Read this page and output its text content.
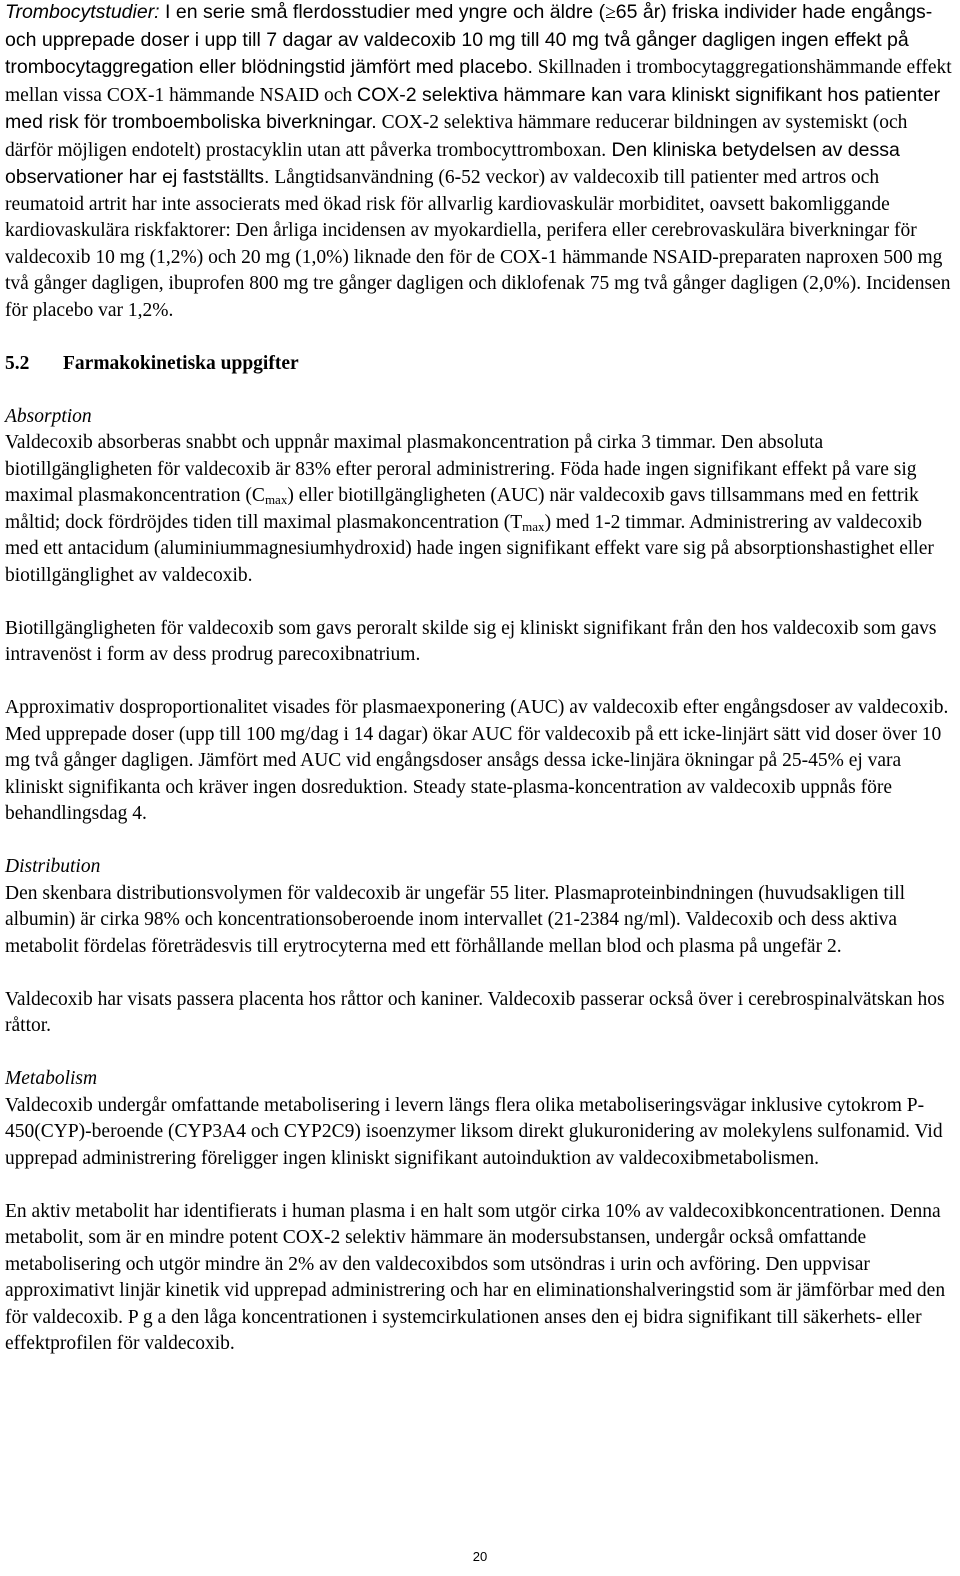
Trombocytstudier: I en serie små flerdosstudier med yngre och äldre (≥65 år) friska individer hade engångs- och upprepade doser i upp till 7 dagar av valdecoxib 10 mg till 40 mg två gånger dagligen ingen effekt på trombocytaggregation eller blödningstid jämfört med placebo. Skillnaden i trombocytaggregationshämmande effekt mellan vissa COX-1 hämmande NSAID och COX-2 selektiva hämmare kan vara kliniskt signifikant hos patienter med risk för tromboemboliska biverkningar. COX-2 selektiva hämmare reducerar bildningen av systemiskt (och därför möjligen endotelt) prostacyklin utan att påverka trombocyttromboxan. Den kliniska betydelsen av dessa observationer har ej fastställts. Långtidsanvändning (6-52 veckor) av valdecoxib till patienter med artros och reumatoid artrit har inte associerats med ökad risk för allvarlig kardiovaskulär morbiditet, oavsett bakomliggande kardiovaskulära riskfaktorer: Den årliga incidensen av myokardiella, perifera eller cerebrovaskulära biverkningar för valdecoxib 10 mg (1,2%) och 20 mg (1,0%) liknade den för de COX-1 hämmande NSAID-preparaten naproxen 500 mg två gånger dagligen, ibuprofen 800 mg tre gånger dagligen och diklofenak 75 mg två gånger dagligen (2,0%). Incidensen för placebo var 1,2%.

5.2 Farmakokinetiska uppgifter

Absorption

Valdecoxib absorberas snabbt och uppnår maximal plasmakoncentration på cirka 3 timmar. Den absoluta biotillgängligheten för valdecoxib är 83% efter peroral administrering. Föda hade ingen signifikant effekt på vare sig maximal plasmakoncentration $(C_{max})$ eller biotillgängligheten (AUC) när valdecoxib gavs tillsammans med en fettrik måltid; dock fördröjdes tiden till maximal plasmakoncentration $(T_{max})$ med 1-2 timmar. Administrering av valdecoxib med ett antacidum (aluminiummagnesiumhydroxid) hade ingen signifikant effekt vare sig på absorptionshastighet eller biotillgänglighet av valdecoxib.

Biotillgängligheten för valdecoxib som gavs peroralt skilde sig ej kliniskt signifikant från den hos valdecoxib som gavs intravenöst i form av dess prodrug parecoxibnatrium.

Approximativ dosproportionalitet visades för plasmaexponering (AUC) av valdecoxib efter engångsdoser av valdecoxib. Med upprepade doser (upp till 100 mg/dag i 14 dagar) ökar AUC för valdecoxib på ett icke-linjärt sätt vid doser över 10 mg två gånger dagligen. Jämfört med AUC vid engångsdoser ansågs dessa icke-linjära ökningar på 25-45% ej vara kliniskt signifikanta och kräver ingen dosreduktion. Steady state-plasma-koncentration av valdecoxib uppnås före behandlingsdag 4.

Distribution

Den skenbara distributionsvolymen för valdecoxib är ungefär 55 liter. Plasmaproteinbindningen (huvudsakligen till albumin) är cirka 98% och koncentrationsoberoende inom intervallet (21-2384 ng/ml). Valdecoxib och dess aktiva metabolit fördelas företrädesvis till erytrocyterna med ett förhållande mellan blod och plasma på ungefär 2.

Valdecoxib har visats passera placenta hos råttor och kaniner. Valdecoxib passerar också över i cerebrospinalvätskan hos råttor.

Metabolism

Valdecoxib undergår omfattande metabolisering i levern längs flera olika metaboliseringsvägar inklusive cytokrom P-450(CYP)-beroende (CYP3A4 och CYP2C9) isoenzymer liksom direkt glukuronidering av molekylens sulfonamid. Vid upprepad administrering föreligger ingen kliniskt signifikant autoinduktion av valdecoxibmetabolismen.

En aktiv metabolit har identifierats i human plasma i en halt som utgör cirka 10% av valdecoxibkoncentrationen. Denna metabolit, som är en mindre potent COX-2 selektiv hämmare än modersubstansen, undergår också omfattande metabolisering och utgör mindre än 2% av den valdecoxibdos som utsöndras i urin och avföring. Den uppvisar approximativt linjär kinetik vid upprepad administrering och har en eliminationshalveringstid som är jämförbar med den för valdecoxib. P g a den låga koncentrationen i systemcirkulationen anses den ej bidra signifikant till säkerhets- eller effektprofilen för valdecoxib.

20
